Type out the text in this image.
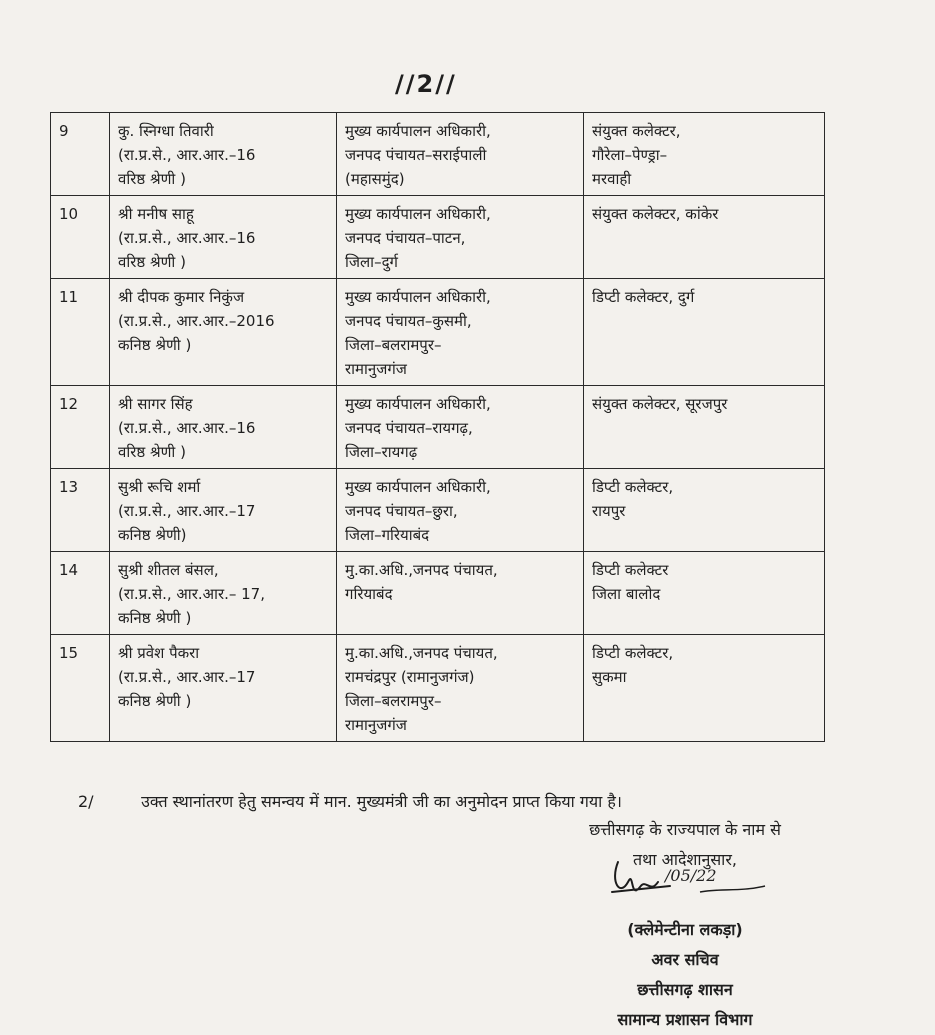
//2//
9	कु. स्निग्धा तिवारी
(रा.प्र.से., आर.आर.–16
वरिष्ठ श्रेणी )	मुख्य कार्यपालन अधिकारी,
जनपद पंचायत–सराईपाली
(महासमुंद)	संयुक्त कलेक्टर,
गौरेला–पेण्ड्रा–
मरवाही

10	श्री मनीष साहू
(रा.प्र.से., आर.आर.–16
वरिष्ठ श्रेणी )	मुख्य कार्यपालन अधिकारी,
जनपद पंचायत–पाटन,
जिला–दुर्ग	संयुक्त कलेक्टर, कांकेर

11	श्री दीपक कुमार निकुंज
(रा.प्र.से., आर.आर.–2016
कनिष्ठ श्रेणी )	मुख्य कार्यपालन अधिकारी,
जनपद पंचायत–कुसमी,
जिला–बलरामपुर–
रामानुजगंज	डिप्टी कलेक्टर, दुर्ग

12	श्री सागर सिंह
(रा.प्र.से., आर.आर.–16
वरिष्ठ श्रेणी )	मुख्य कार्यपालन अधिकारी,
जनपद पंचायत–रायगढ़,
जिला–रायगढ़	संयुक्त कलेक्टर, सूरजपुर

13	सुश्री रूचि शर्मा
(रा.प्र.से., आर.आर.–17
कनिष्ठ श्रेणी)	मुख्य कार्यपालन अधिकारी,
जनपद पंचायत–छुरा,
जिला–गरियाबंद	डिप्टी कलेक्टर,
रायपुर

14	सुश्री शीतल बंसल,
(रा.प्र.से., आर.आर.– 17,
कनिष्ठ श्रेणी )	मु.का.अधि.,जनपद पंचायत,
गरियाबंद	डिप्टी कलेक्टर
जिला बालोद

15	श्री प्रवेश पैकरा
(रा.प्र.से., आर.आर.–17
कनिष्ठ श्रेणी )	मु.का.अधि.,जनपद पंचायत,
रामचंद्रपुर (रामानुजगंज)
जिला–बलरामपुर–
रामानुजगंज	डिप्टी कलेक्टर,
सुकमा
2/	उक्त स्थानांतरण हेतु समन्वय में मान. मुख्यमंत्री जी का अनुमोदन प्राप्त किया गया है।
छत्तीसगढ़ के राज्यपाल के नाम से
तथा आदेशानुसार,
(क्लेमेन्टीना लकड़ा)
अवर सचिव
छत्तीसगढ़ शासन
सामान्य प्रशासन विभाग
/05/22
